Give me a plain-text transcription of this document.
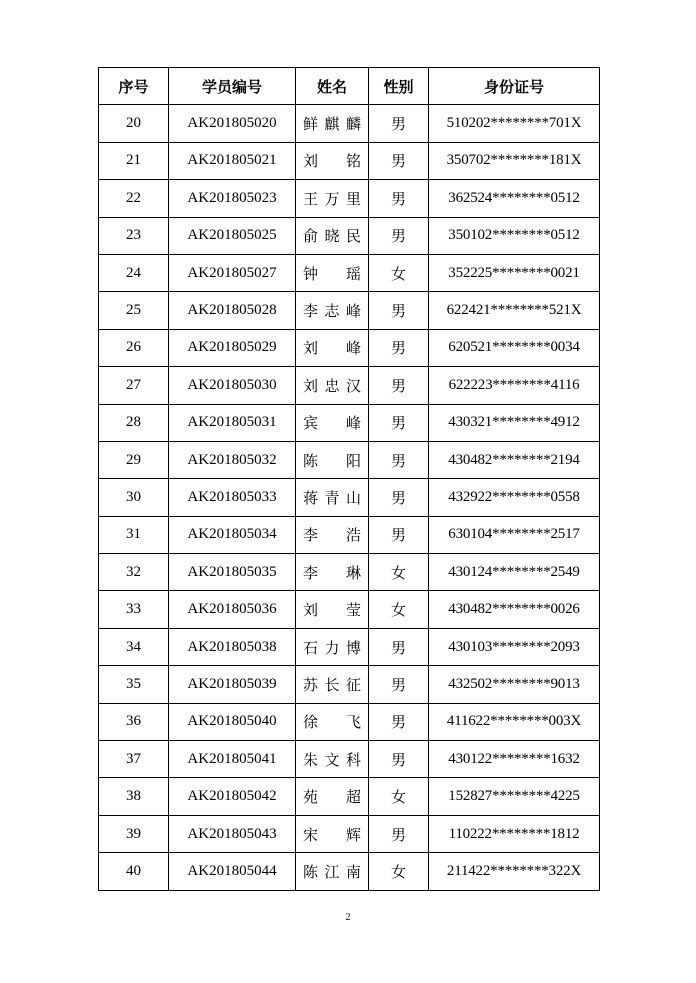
序号	学员编号	姓名	性别	身份证号
20	AK201805020	鲜 麒 麟	男	510202********701X
21	AK201805021	刘 铭	男	350702********181X
22	AK201805023	王 万 里	男	362524********0512
23	AK201805025	俞 晓 民	男	350102********0512
24	AK201805027	钟 瑶	女	352225********0021
25	AK201805028	李 志 峰	男	622421********521X
26	AK201805029	刘 峰	男	620521********0034
27	AK201805030	刘 忠 汉	男	622223********4116
28	AK201805031	宾 峰	男	430321********4912
29	AK201805032	陈 阳	男	430482********2194
30	AK201805033	蒋 青 山	男	432922********0558
31	AK201805034	李 浩	男	630104********2517
32	AK201805035	李 琳	女	430124********2549
33	AK201805036	刘 莹	女	430482********0026
34	AK201805038	石 力 博	男	430103********2093
35	AK201805039	苏 长 征	男	432502********9013
36	AK201805040	徐 飞	男	411622********003X
37	AK201805041	朱 文 科	男	430122********1632
38	AK201805042	苑 超	女	152827********4225
39	AK201805043	宋 辉	男	110222********1812
40	AK201805044	陈 江 南	女	211422********322X
2
